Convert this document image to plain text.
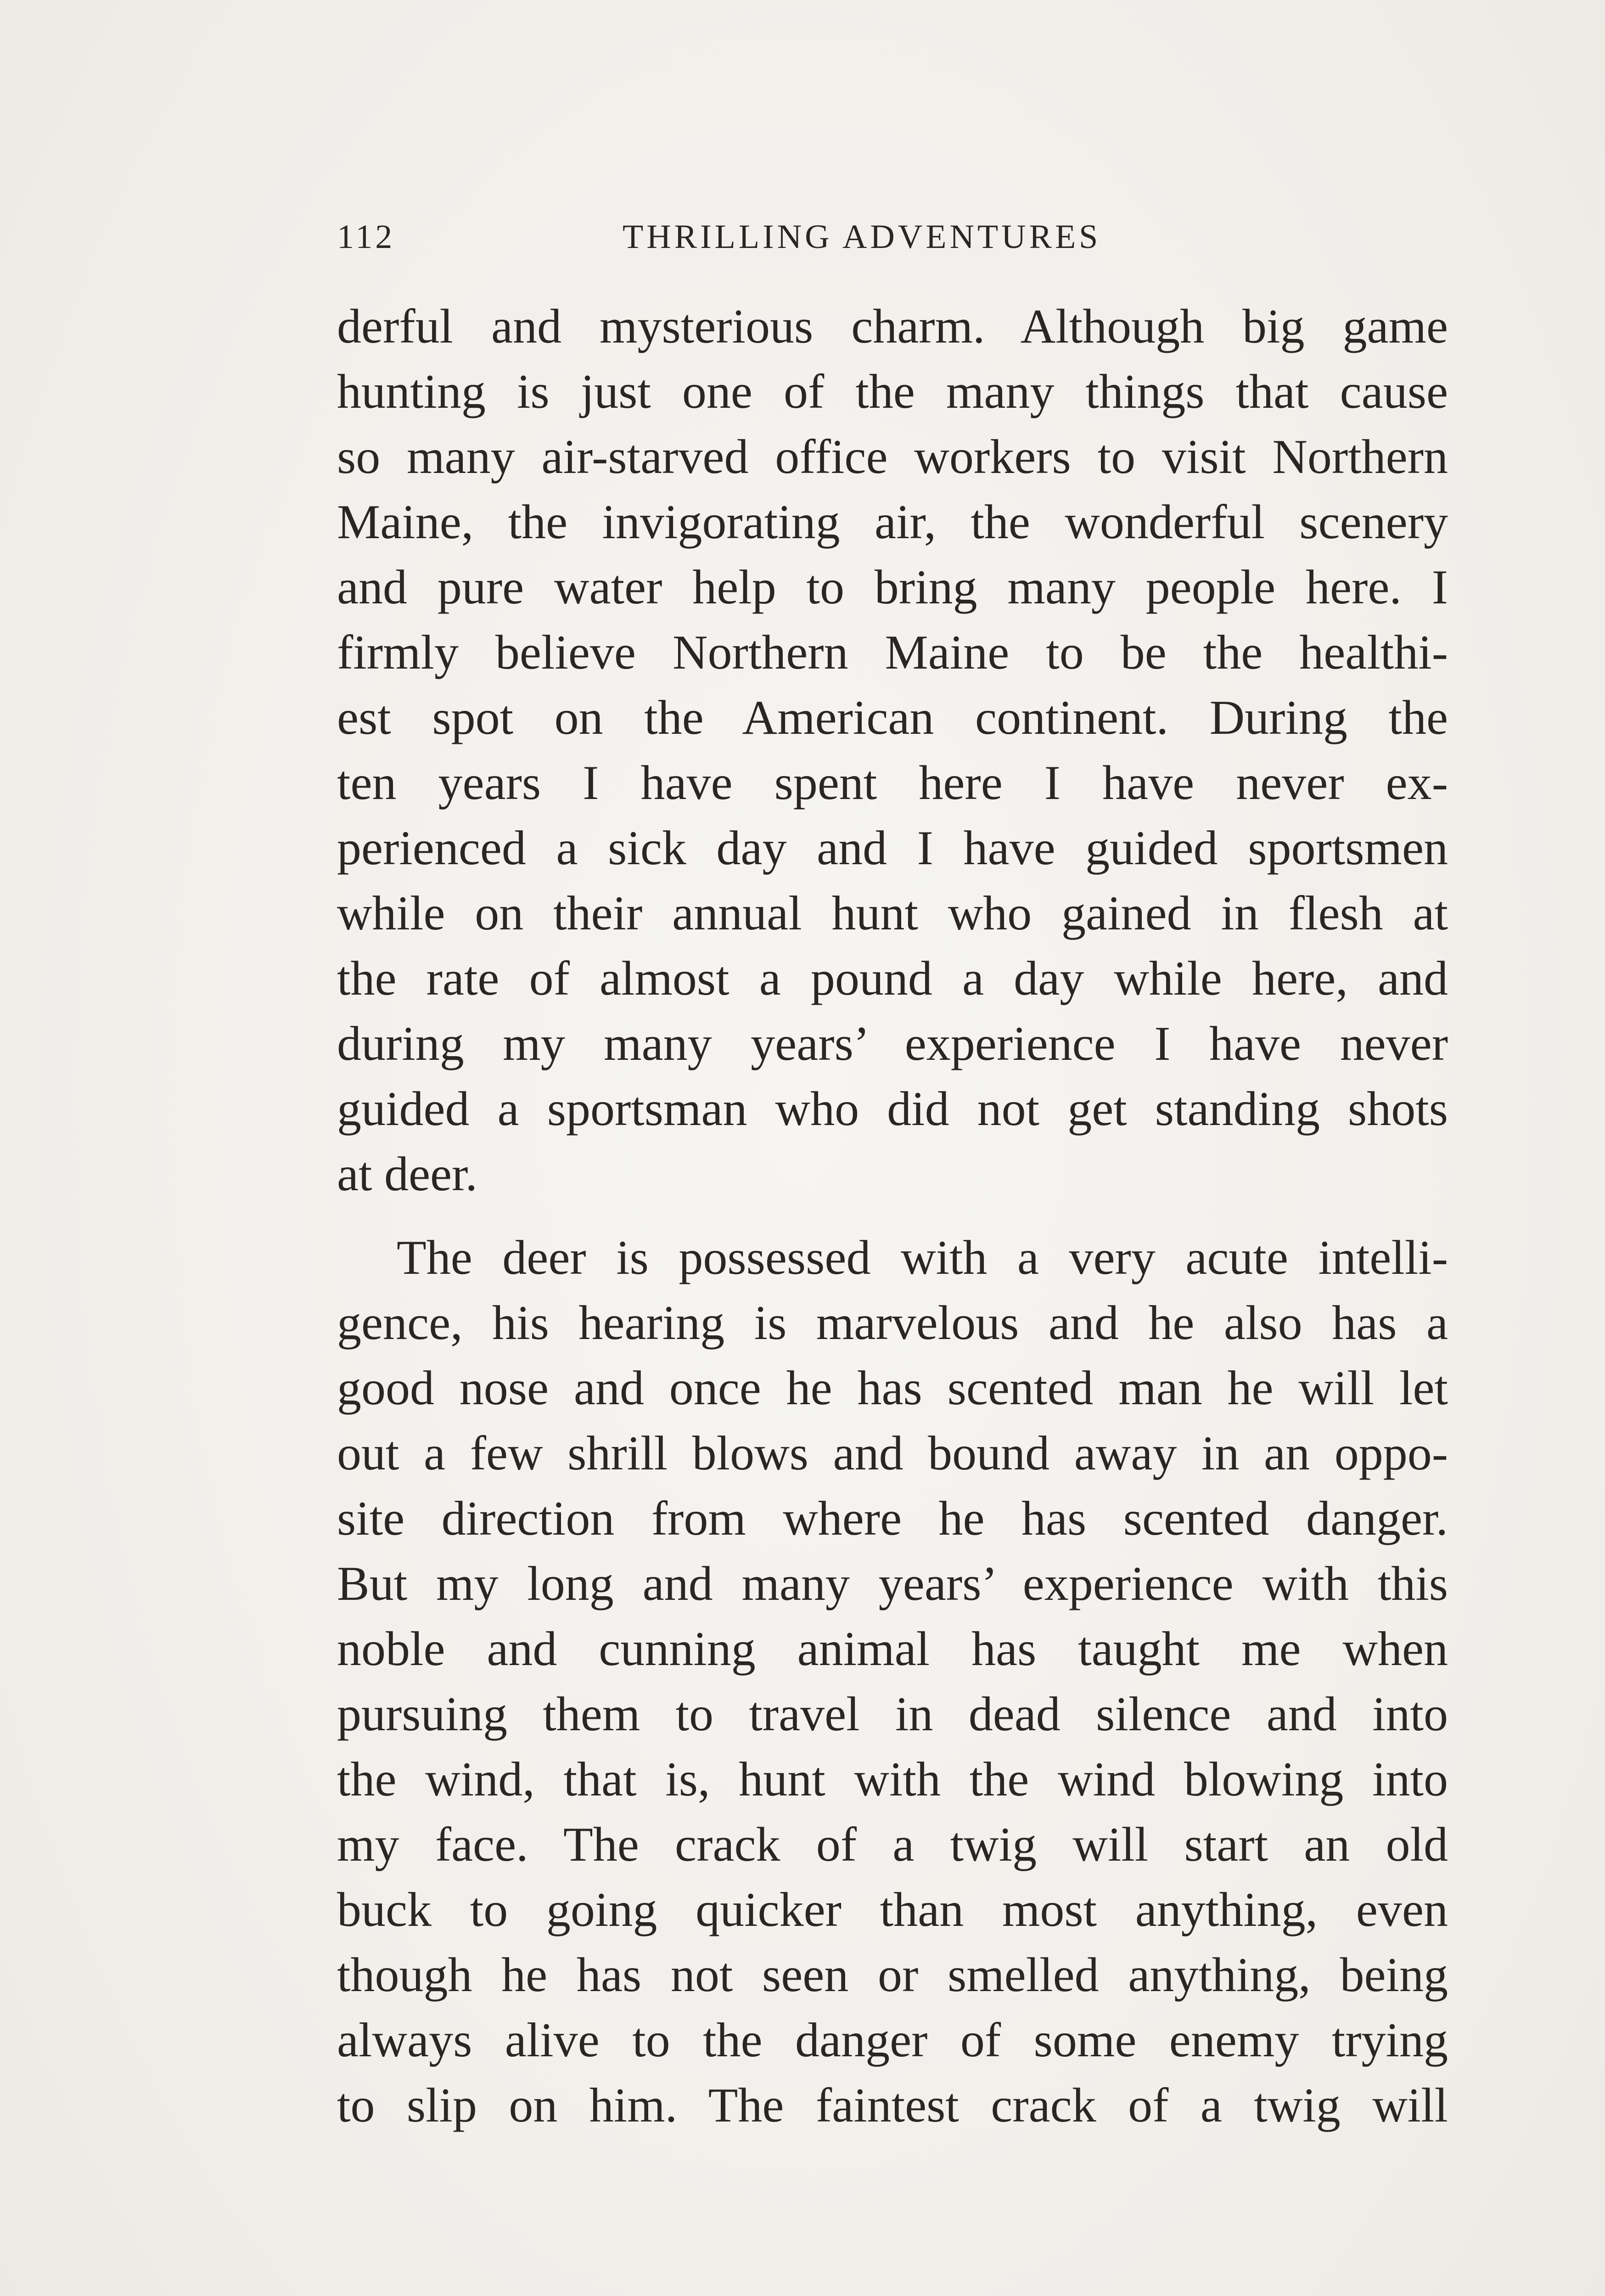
112	THRILLING ADVENTURES
derful and mysterious charm. Although big game
hunting is just one of the many things that cause
so many air-starved office workers to visit Northern
Maine, the invigorating air, the wonderful scenery
and pure water help to bring many people here. I
firmly believe Northern Maine to be the healthi-
est spot on the American continent. During the
ten years I have spent here I have never ex-
perienced a sick day and I have guided sportsmen
while on their annual hunt who gained in flesh at
the rate of almost a pound a day while here, and
during my many years’ experience I have never
guided a sportsman who did not get standing shots
at deer.
The deer is possessed with a very acute intelli-
gence, his hearing is marvelous and he also has a
good nose and once he has scented man he will let
out a few shrill blows and bound away in an oppo-
site direction from where he has scented danger.
But my long and many years’ experience with this
noble and cunning animal has taught me when
pursuing them to travel in dead silence and into
the wind, that is, hunt with the wind blowing into
my face. The crack of a twig will start an old
buck to going quicker than most anything, even
though he has not seen or smelled anything, being
always alive to the danger of some enemy trying
to slip on him. The faintest crack of a twig will
